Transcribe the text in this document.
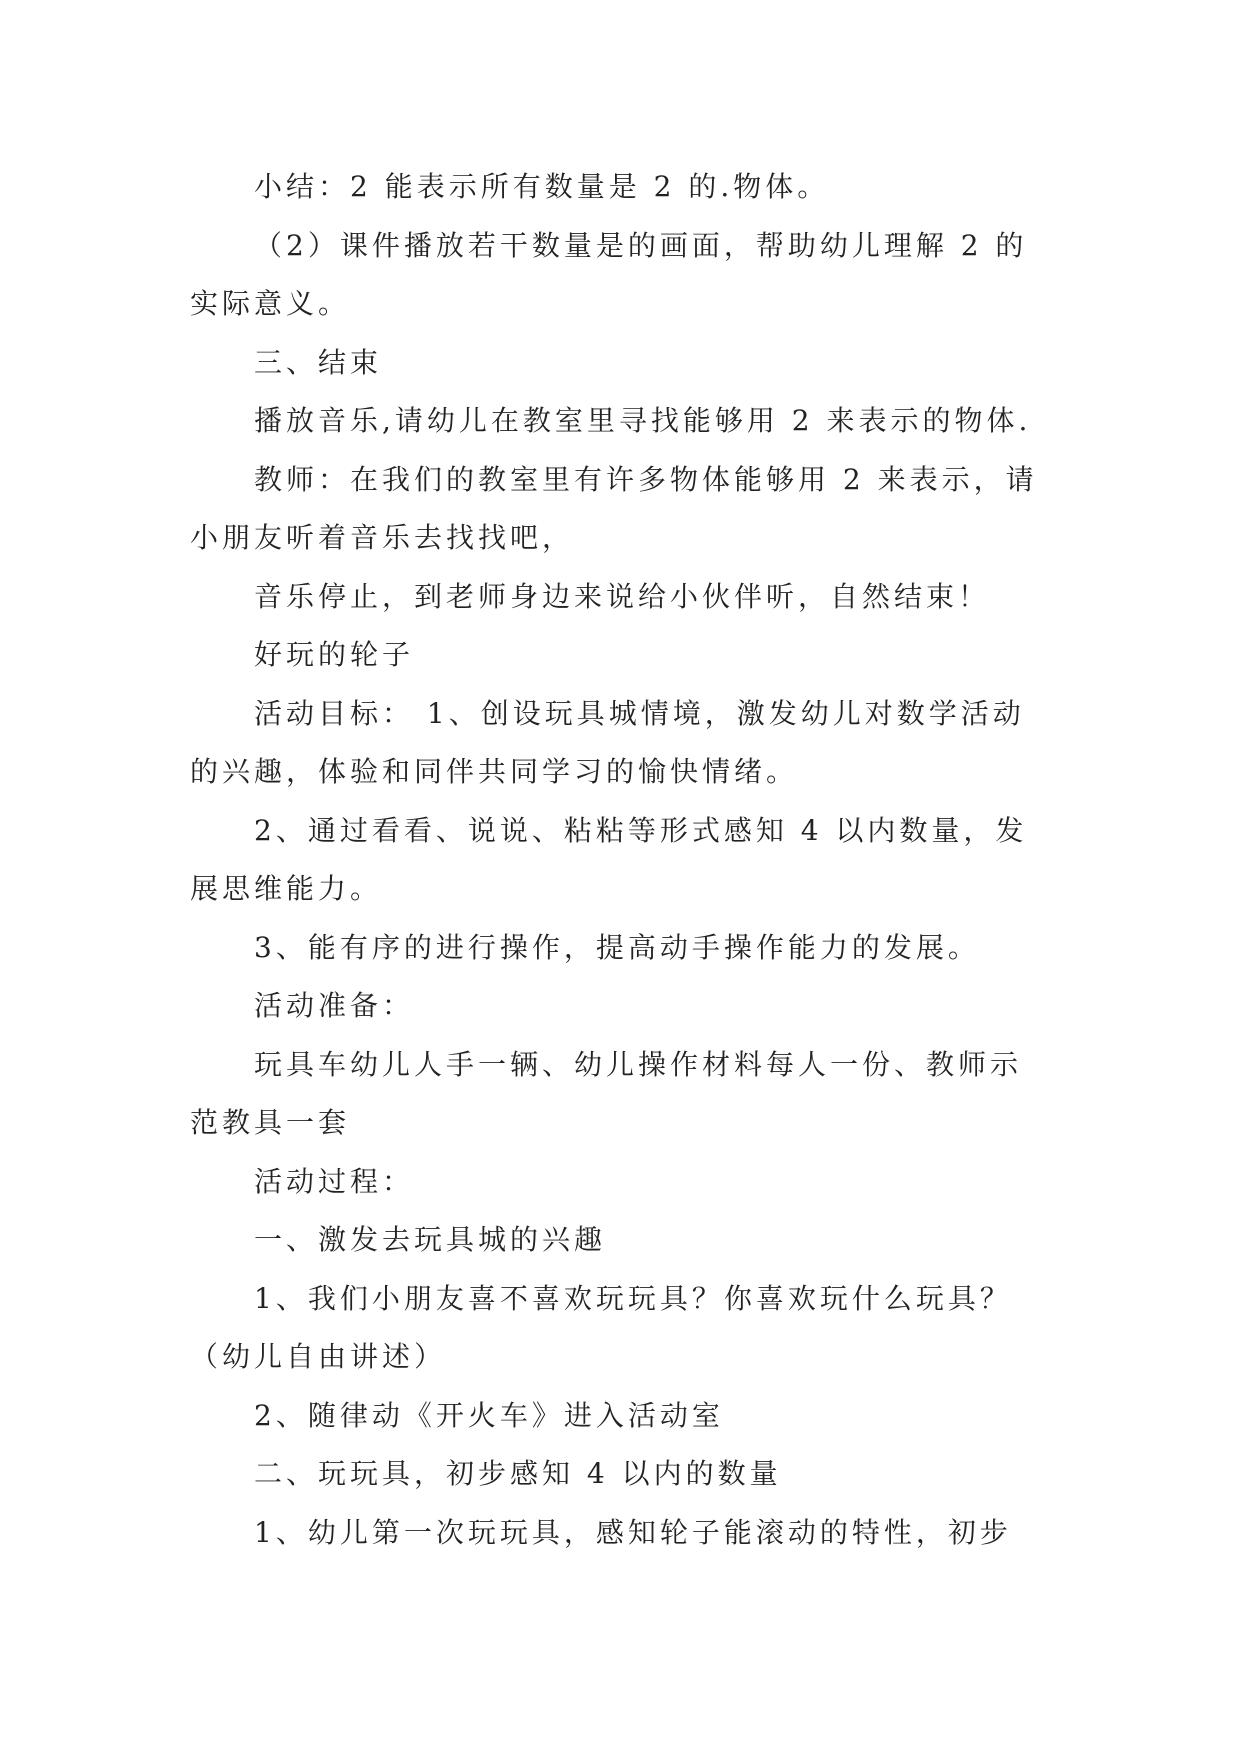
小结：2 能表示所有数量是 2 的.物体。

（2）课件播放若干数量是的画面，帮助幼儿理解 2 的实际意义。

三、结束

播放音乐,请幼儿在教室里寻找能够用 2 来表示的物体.

教师：在我们的教室里有许多物体能够用 2 来表示，请小朋友听着音乐去找找吧，

音乐停止，到老师身边来说给小伙伴听，自然结束！

好玩的轮子

活动目标： 1、创设玩具城情境，激发幼儿对数学活动的兴趣，体验和同伴共同学习的愉快情绪。

2、通过看看、说说、粘粘等形式感知 4 以内数量，发展思维能力。

3、能有序的进行操作，提高动手操作能力的发展。

活动准备：

玩具车幼儿人手一辆、幼儿操作材料每人一份、教师示范教具一套

活动过程：

一、激发去玩具城的兴趣

1、我们小朋友喜不喜欢玩玩具？你喜欢玩什么玩具？（幼儿自由讲述）

2、随律动《开火车》进入活动室

二、玩玩具，初步感知 4 以内的数量

1、幼儿第一次玩玩具，感知轮子能滚动的特性，初步
